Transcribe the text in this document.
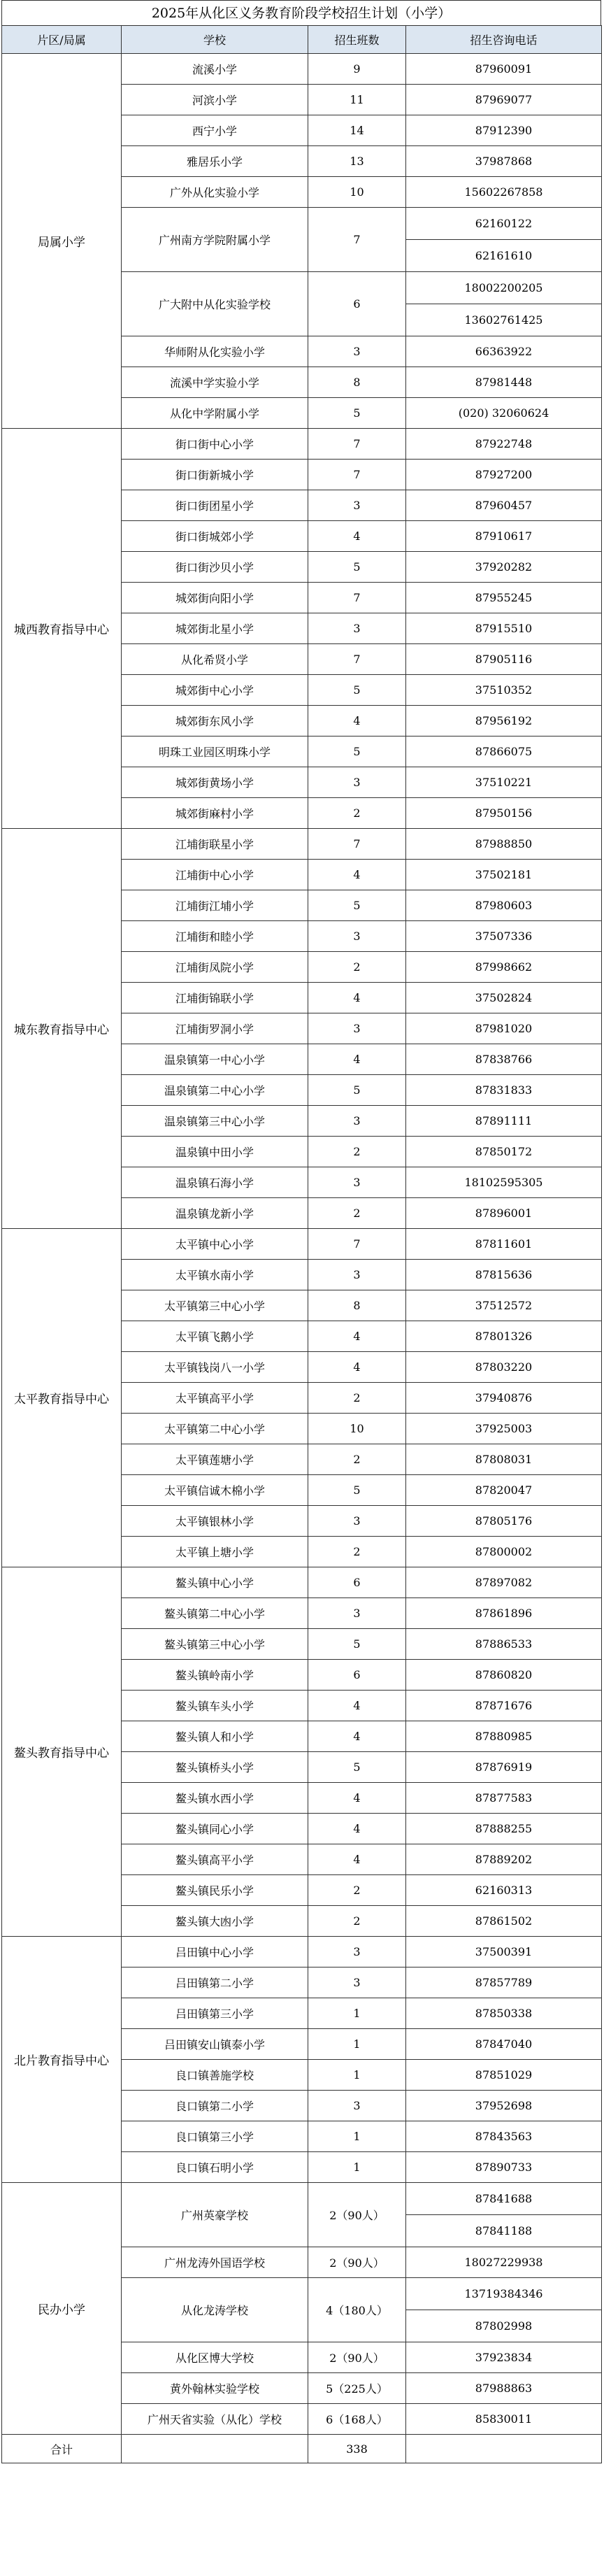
2025年从化区义务教育阶段学校招生计划（小学）
片区/局属	学校	招生班数	招生咨询电话
局属小学	流溪小学	9	87960091
	河滨小学	11	87969077
	西宁小学	14	87912390
	雅居乐小学	13	37987868
	广外从化实验小学	10	15602267858
	广州南方学院附属小学	7	62160122
62161610

	广大附中从化实验学校	6	18002200205
13602761425

	华师附从化实验小学	3	66363922
	流溪中学实验小学	8	87981448
	从化中学附属小学	5	(020) 32060624
城西教育指导中心	街口街中心小学	7	87922748
	街口街新城小学	7	87927200
	街口街团星小学	3	87960457
	街口街城郊小学	4	87910617
	街口街沙贝小学	5	37920282
	城郊街向阳小学	7	87955245
	城郊街北星小学	3	87915510
	从化希贤小学	7	87905116
	城郊街中心小学	5	37510352
	城郊街东风小学	4	87956192
	明珠工业园区明珠小学	5	87866075
	城郊街黄场小学	3	37510221
	城郊街麻村小学	2	87950156
城东教育指导中心	江埔街联星小学	7	87988850
	江埔街中心小学	4	37502181
	江埔街江埔小学	5	87980603
	江埔街和睦小学	3	37507336
	江埔街凤院小学	2	87998662
	江埔街锦联小学	4	37502824
	江埔街罗洞小学	3	87981020
	温泉镇第一中心小学	4	87838766
	温泉镇第二中心小学	5	87831833
	温泉镇第三中心小学	3	87891111
	温泉镇中田小学	2	87850172
	温泉镇石海小学	3	18102595305
	温泉镇龙新小学	2	87896001
太平教育指导中心	太平镇中心小学	7	87811601
	太平镇水南小学	3	87815636
	太平镇第三中心小学	8	37512572
	太平镇飞鹅小学	4	87801326
	太平镇钱岗八一小学	4	87803220
	太平镇高平小学	2	37940876
	太平镇第二中心小学	10	37925003
	太平镇莲塘小学	2	87808031
	太平镇信诚木棉小学	5	87820047
	太平镇银林小学	3	87805176
	太平镇上塘小学	2	87800002
鳌头教育指导中心	鳌头镇中心小学	6	87897082
	鳌头镇第二中心小学	3	87861896
	鳌头镇第三中心小学	5	87886533
	鳌头镇岭南小学	6	87860820
	鳌头镇车头小学	4	87871676
	鳌头镇人和小学	4	87880985
	鳌头镇桥头小学	5	87876919
	鳌头镇水西小学	4	87877583
	鳌头镇同心小学	4	87888255
	鳌头镇高平小学	4	87889202
	鳌头镇民乐小学	2	62160313
	鳌头镇大凼小学	2	87861502
北片教育指导中心	吕田镇中心小学	3	37500391
	吕田镇第二小学	3	87857789
	吕田镇第三小学	1	87850338
	吕田镇安山镇泰小学	1	87847040
	良口镇善施学校	1	87851029
	良口镇第二小学	3	37952698
	良口镇第三小学	1	87843563
	良口镇石明小学	1	87890733
民办小学	广州英豪学校	2（90人）	87841688
87841188

	广州龙涛外国语学校	2（90人）	18027229938
	从化龙涛学校	4（180人）	13719384346
87802998

	从化区博大学校	2（90人）	37923834
	黄外翰林实验学校	5（225人）	87988863
	广州天省实验（从化）学校	6（168人）	85830011
合计		338	
